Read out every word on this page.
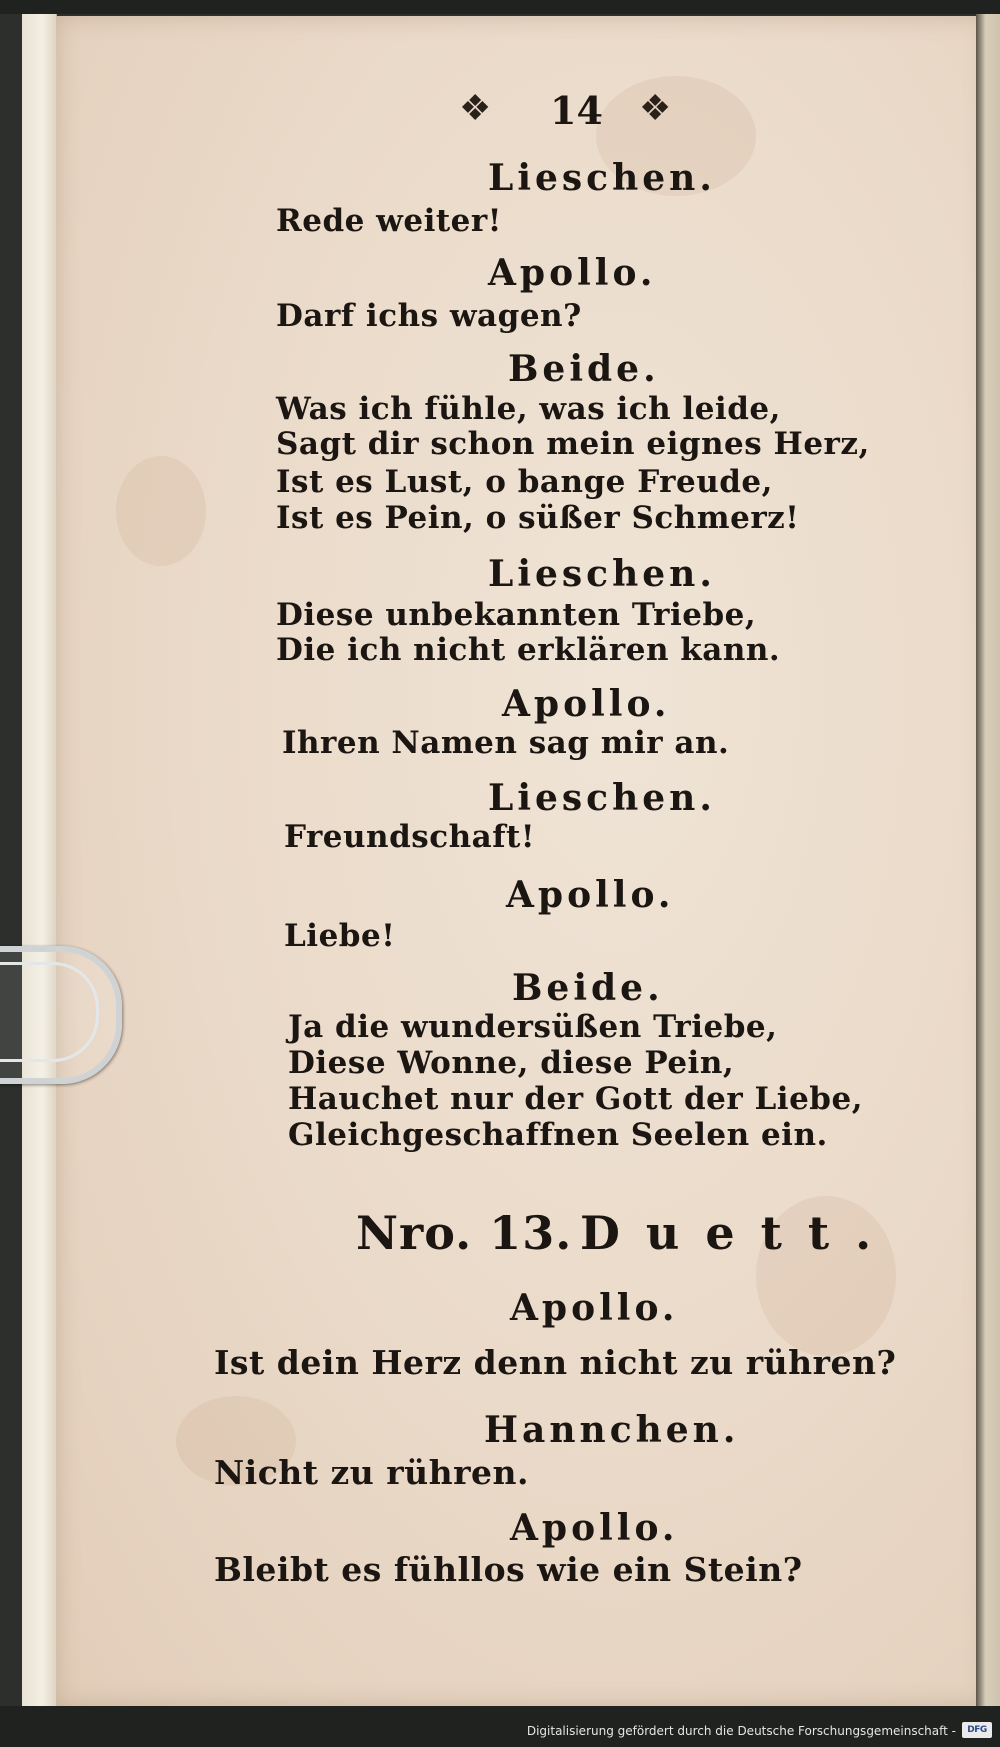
❖ 14 ❖
Lieschen.
Rede weiter!
Apollo.
Darf ichs wagen?
Beide.
Was ich fühle, was ich leide,
Sagt dir schon mein eignes Herz,
Ist es Lust, o bange Freude,
Ist es Pein, o süßer Schmerz!
Lieschen.
Diese unbekannten Triebe,
Die ich nicht erklären kann.
Apollo.
Ihren Namen sag mir an.
Lieschen.
Freundschaft!
Apollo.
Liebe!
Beide.
Ja die wundersüßen Triebe,
Diese Wonne, diese Pein,
Hauchet nur der Gott der Liebe,
Gleichgeschaffnen Seelen ein.
Nro. 13. Duett.
Apollo.
Ist dein Herz denn nicht zu rühren?
Hannchen.
Nicht zu rühren.
Apollo.
Bleibt es fühllos wie ein Stein?
Digitalisierung gefördert durch die Deutsche Forschungsgemeinschaft -	DFG
